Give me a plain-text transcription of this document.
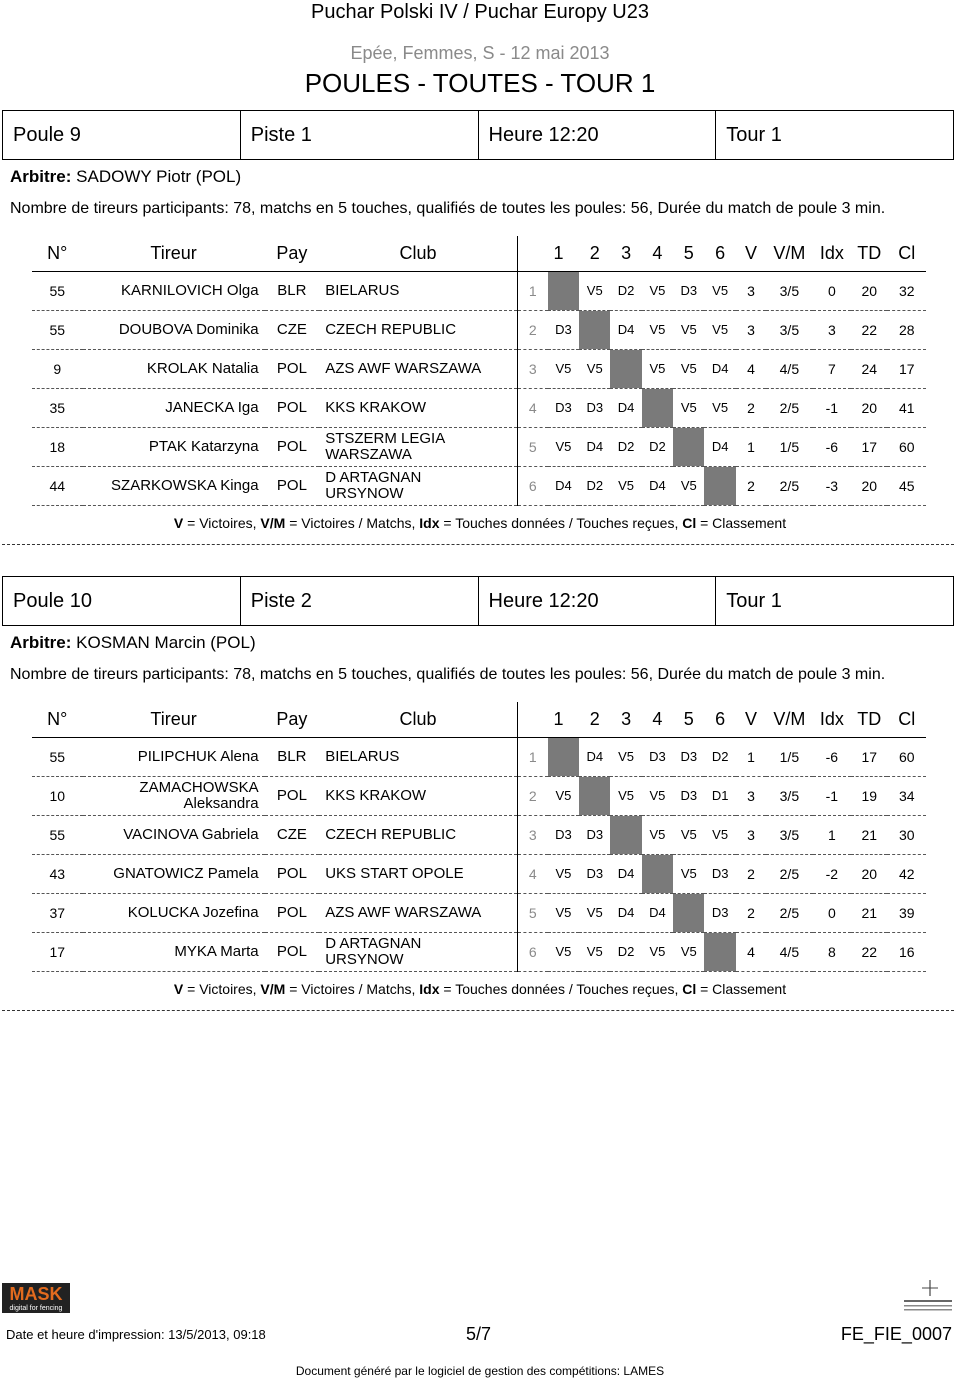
Puchar Polski IV / Puchar Europy U23
Epée, Femmes, S - 12 mai 2013
POULES - TOUTES - TOUR 1
Poule 9	Piste 1	Heure 12:20	Tour 1
Arbitre: SADOWY Piotr (POL)
Nombre de tireurs participants: 78, matchs en 5 touches, qualifiés de toutes les poules: 56, Durée du match de poule 3 min.
N°	Tireur	Pay	Club	1		2	3	4	5	6	V	V/M	Idx	TD	Cl
55	KARNILOVICH Olga	BLR	BIELARUS	1		V5	D2	V5	D3	V5	3	3/5	0	20	32
55	DOUBOVA Dominika	CZE	CZECH REPUBLIC	2	D3		D4	V5	V5	V5	3	3/5	3	22	28
9	KROLAK Natalia	POL	AZS AWF WARSZAWA	3	V5	V5		V5	V5	D4	4	4/5	7	24	17
35	JANECKA Iga	POL	KKS KRAKOW	4	D3	D3	D4		V5	V5	2	2/5	-1	20	41
18	PTAK Katarzyna	POL	STSZERM LEGIA
WARSZAWA	5	V5	D4	D2	D2		D4	1	1/5	-6	17	60
44	SZARKOWSKA Kinga	POL	D ARTAGNAN
URSYNOW	6	D4	D2	V5	D4	V5		2	2/5	-3	20	45
V = Victoires, V/M = Victoires / Matchs, Idx = Touches données / Touches reçues, Cl = Classement
Poule 10	Piste 2	Heure 12:20	Tour 1
Arbitre: KOSMAN Marcin (POL)
Nombre de tireurs participants: 78, matchs en 5 touches, qualifiés de toutes les poules: 56, Durée du match de poule 3 min.
N°	Tireur	Pay	Club	1		2	3	4	5	6	V	V/M	Idx	TD	Cl
55	PILIPCHUK Alena	BLR	BIELARUS	1		D4	V5	D3	D3	D2	1	1/5	-6	17	60
10	ZAMACHOWSKA
Aleksandra	POL	KKS KRAKOW	2	V5		V5	V5	D3	D1	3	3/5	-1	19	34
55	VACINOVA Gabriela	CZE	CZECH REPUBLIC	3	D3	D3		V5	V5	V5	3	3/5	1	21	30
43	GNATOWICZ Pamela	POL	UKS START OPOLE	4	V5	D3	D4		V5	D3	2	2/5	-2	20	42
37	KOLUCKA Jozefina	POL	AZS AWF WARSZAWA	5	V5	V5	D4	D4		D3	2	2/5	0	21	39
17	MYKA Marta	POL	D ARTAGNAN
URSYNOW	6	V5	V5	D2	V5	V5		4	4/5	8	22	16
V = Victoires, V/M = Victoires / Matchs, Idx = Touches données / Touches reçues, Cl = Classement
MASK
digital for fencing
Date et heure d'impression: 13/5/2013, 09:18	5/7	FE_FIE_0007
Document généré par le logiciel de gestion des compétitions: LAMES
